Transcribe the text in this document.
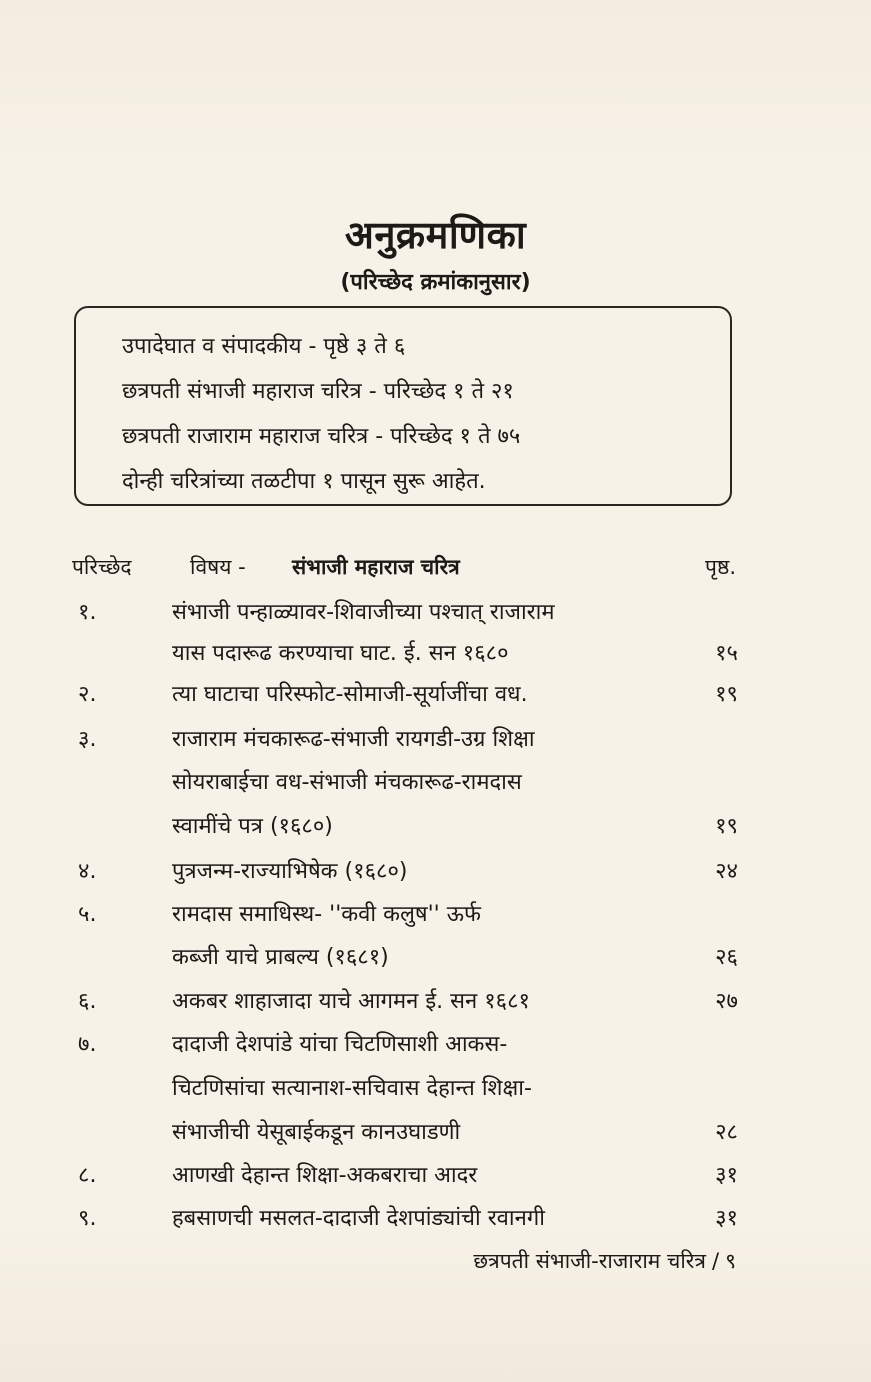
अनुक्रमणिका
(परिच्छेद क्रमांकानुसार)
उपादेघात व संपादकीय - पृष्ठे ३ ते ६
छत्रपती संभाजी महाराज चरित्र - परिच्छेद १ ते २१
छत्रपती राजाराम महाराज चरित्र - परिच्छेद १ ते ७५
दोन्ही चरित्रांच्या तळटीपा १ पासून सुरू आहेत.
परिच्छेद	विषय - संभाजी महाराज चरित्र	पृष्ठ.
१.	संभाजी पन्हाळ्यावर-शिवाजीच्या पश्चात् राजाराम
यास पदारूढ करण्याचा घाट. ई. सन १६८०	१५
२.	त्या घाटाचा परिस्फोट-सोमाजी-सूर्याजींचा वध.	१९
३.	राजाराम मंचकारूढ-संभाजी रायगडी-उग्र शिक्षा
सोयराबाईचा वध-संभाजी मंचकारूढ-रामदास
स्वामींचे पत्र (१६८०)	१९
४.	पुत्रजन्म-राज्याभिषेक (१६८०)	२४
५.	रामदास समाधिस्थ- ''कवी कलुष'' ऊर्फ
कब्जी याचे प्राबल्य (१६८१)	२६
६.	अकबर शाहाजादा याचे आगमन ई. सन १६८१	२७
७.	दादाजी देशपांडे यांचा चिटणिसाशी आकस-
चिटणिसांचा सत्यानाश-सचिवास देहान्त शिक्षा-
संभाजीची येसूबाईकडून कानउघाडणी	२८
८.	आणखी देहान्त शिक्षा-अकबराचा आदर	३१
९.	हबसाणची मसलत-दादाजी देशपांड्यांची रवानगी	३१
छत्रपती संभाजी-राजाराम चरित्र / ९
